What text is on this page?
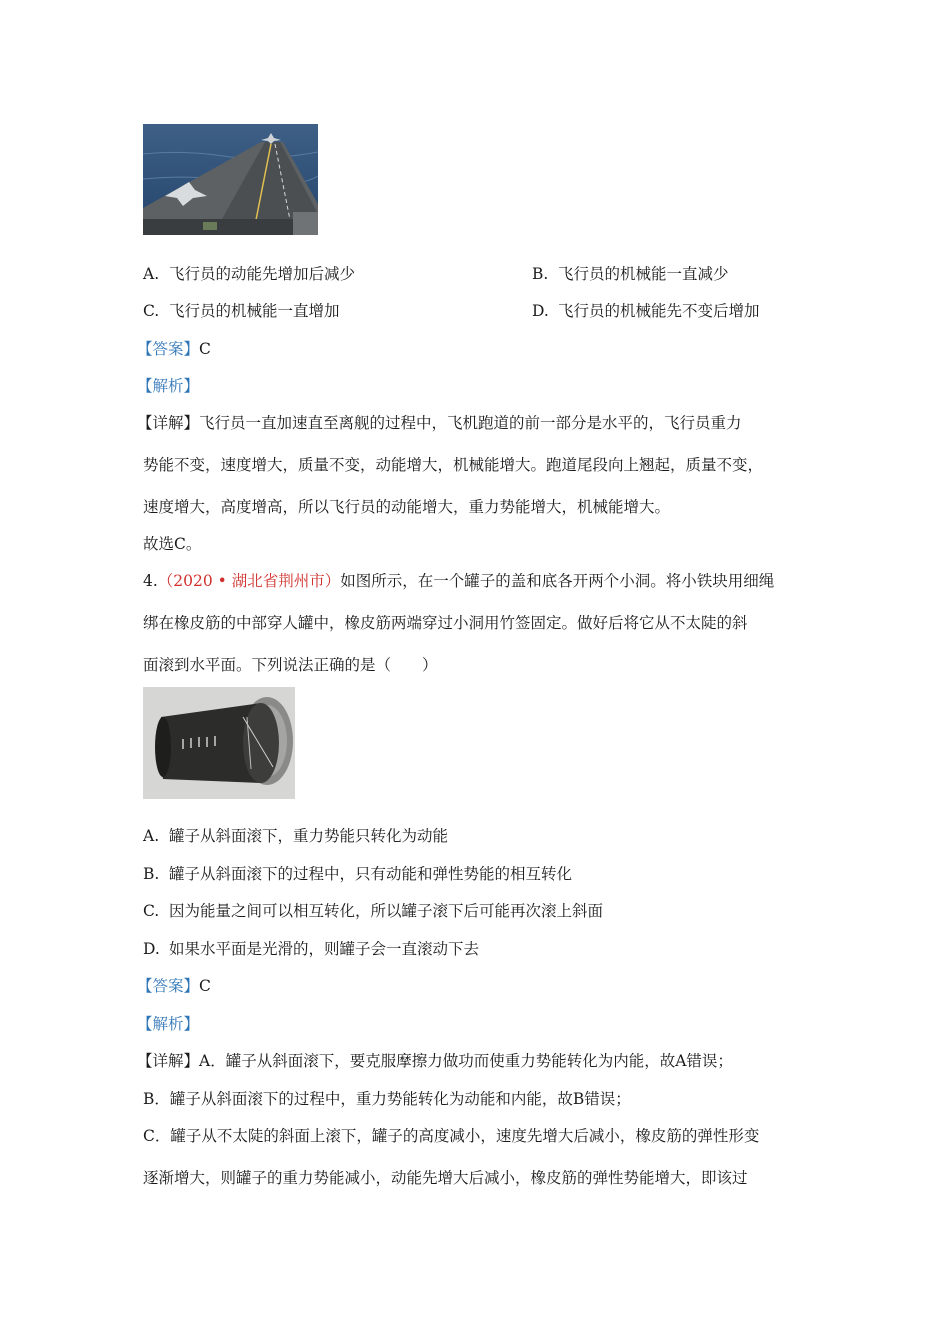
A. 飞行员的动能先增加后减少	B. 飞行员的机械能一直减少
C. 飞行员的机械能一直增加	D. 飞行员的机械能先不变后增加
【答案】C
【解析】
【详解】飞行员一直加速直至离舰的过程中，飞机跑道的前一部分是水平的，飞行员重力
势能不变，速度增大，质量不变，动能增大，机械能增大。跑道尾段向上翘起，质量不变，
速度增大，高度增高，所以飞行员的动能增大，重力势能增大，机械能增大。
故选C。
4.（2020 • 湖北省荆州市）如图所示，在一个罐子的盖和底各开两个小洞。将小铁块用细绳
绑在橡皮筋的中部穿人罐中，橡皮筋两端穿过小洞用竹签固定。做好后将它从不太陡的斜
面滚到水平面。下列说法正确的是（　　）
A. 罐子从斜面滚下，重力势能只转化为动能
B. 罐子从斜面滚下的过程中，只有动能和弹性势能的相互转化
C. 因为能量之间可以相互转化，所以罐子滚下后可能再次滚上斜面
D. 如果水平面是光滑的，则罐子会一直滚动下去
【答案】C
【解析】
【详解】A．罐子从斜面滚下，要克服摩擦力做功而使重力势能转化为内能，故A错误；
B．罐子从斜面滚下的过程中，重力势能转化为动能和内能，故B错误；
C．罐子从不太陡的斜面上滚下，罐子的高度减小，速度先增大后减小，橡皮筋的弹性形变
逐渐增大，则罐子的重力势能减小，动能先增大后减小，橡皮筋的弹性势能增大，即该过
